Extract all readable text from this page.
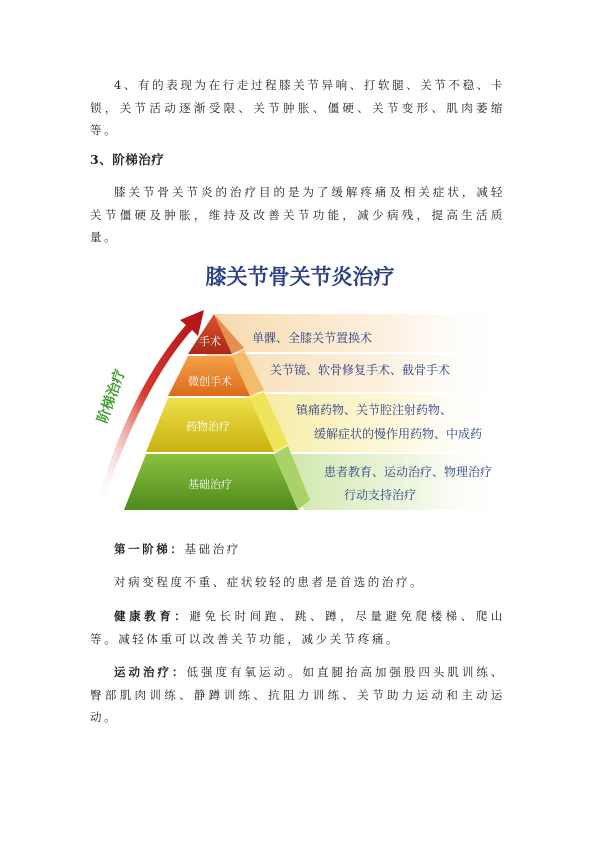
4、有的表现为在行走过程膝关节异响、打软腿、关节不稳、卡锁，关节活动逐渐受限、关节肿胀、僵硬、关节变形、肌肉萎缩等。

3、阶梯治疗

膝关节骨关节炎的治疗目的是为了缓解疼痛及相关症状，减轻关节僵硬及肿胀，维持及改善关节功能，减少病残，提高生活质量。

膝关节骨关节炎治疗
阶梯治疗
手术
微创手术
药物治疗
基础治疗
单髁、全膝关节置换术
关节镜、软骨修复手术、截骨手术
镇痛药物、关节腔注射药物、
缓解症状的慢作用药物、中成药
患者教育、运动治疗、物理治疗
行动支持治疗

第一阶梯：基础治疗

对病变程度不重、症状较轻的患者是首选的治疗。

健康教育：避免长时间跑、跳、蹲，尽量避免爬楼梯、爬山等。减轻体重可以改善关节功能，减少关节疼痛。

运动治疗：低强度有氧运动。如直腿抬高加强股四头肌训练、臀部肌肉训练、静蹲训练、抗阻力训练、关节助力运动和主动运动。
